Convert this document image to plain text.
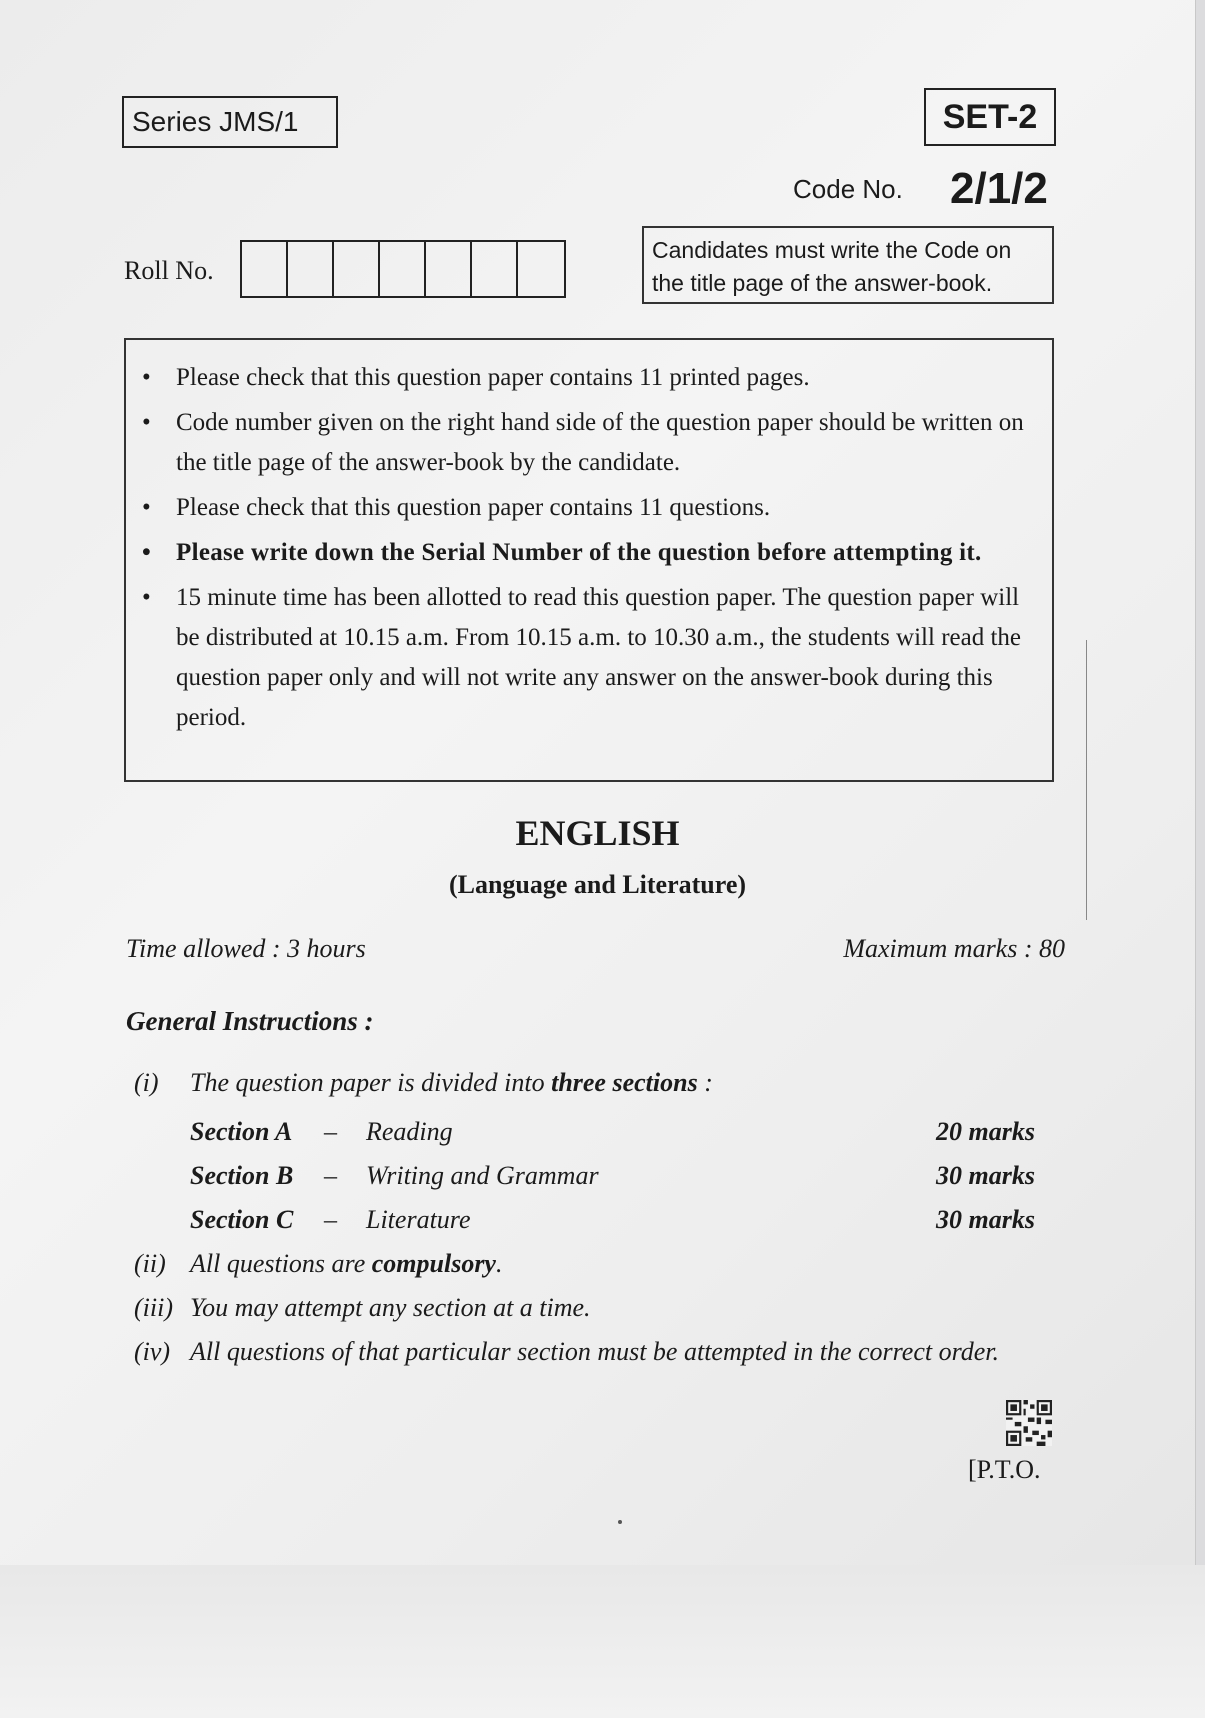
Series JMS/1	SET-2
Code No. 2/1/2
Candidates must write the Code on the title page of the answer-book.
Roll No.
• Please check that this question paper contains 11 printed pages.
• Code number given on the right hand side of the question paper should be written on the title page of the answer-book by the candidate.
• Please check that this question paper contains 11 questions.
• Please write down the Serial Number of the question before attempting it.
• 15 minute time has been allotted to read this question paper. The question paper will be distributed at 10.15 a.m. From 10.15 a.m. to 10.30 a.m., the students will read the question paper only and will not write any answer on the answer-book during this period.
ENGLISH
(Language and Literature)
Time allowed : 3 hours	Maximum marks : 80
General Instructions :
(i) The question paper is divided into three sections :
Section A – Reading	20 marks
Section B – Writing and Grammar	30 marks
Section C – Literature	30 marks
(ii) All questions are compulsory.
(iii) You may attempt any section at a time.
(iv) All questions of that particular section must be attempted in the correct order.
[P.T.O.
